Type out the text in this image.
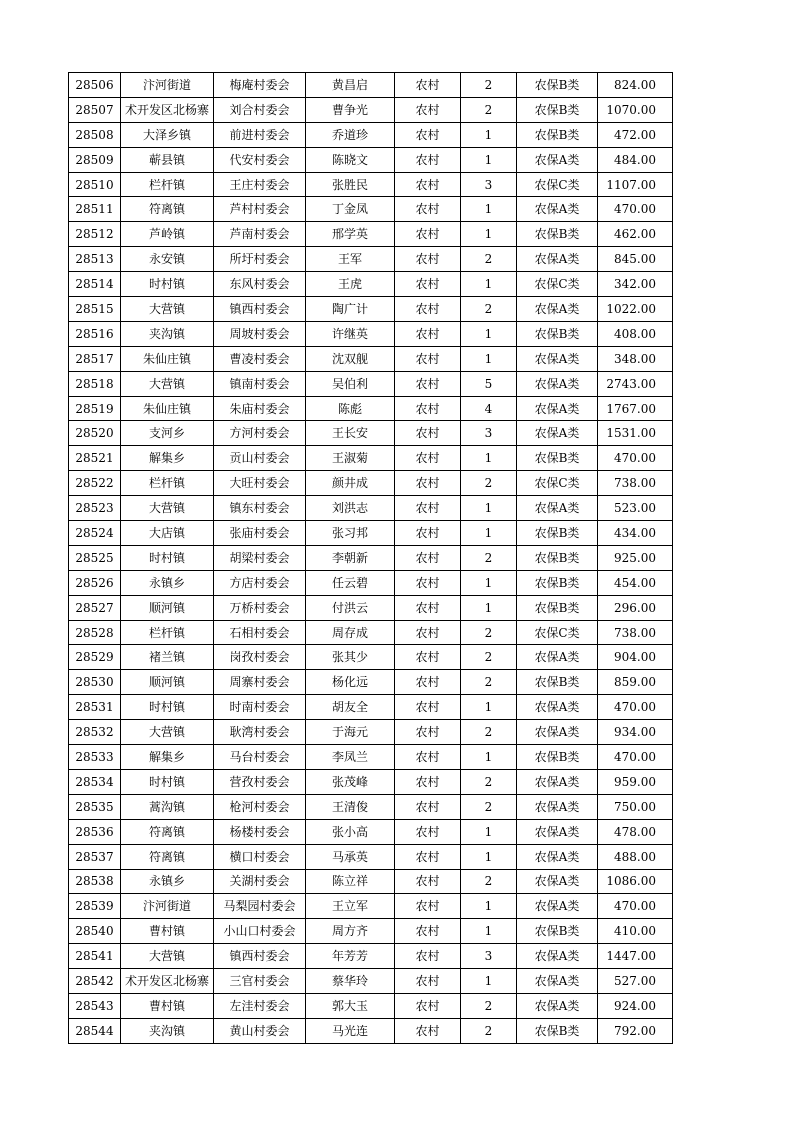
28506	汴河街道	梅庵村委会	黄昌启	农村	2	农保B类	824.00
28507	术开发区北杨寨	刘合村委会	曹争光	农村	2	农保B类	1070.00
28508	大泽乡镇	前进村委会	乔道珍	农村	1	农保B类	472.00
28509	蕲县镇	代安村委会	陈晓文	农村	1	农保A类	484.00
28510	栏杆镇	王庄村委会	张胜民	农村	3	农保C类	1107.00
28511	符离镇	芦村村委会	丁金凤	农村	1	农保A类	470.00
28512	芦岭镇	芦南村委会	邢学英	农村	1	农保B类	462.00
28513	永安镇	所圩村委会	王军	农村	2	农保A类	845.00
28514	时村镇	东风村委会	王虎	农村	1	农保C类	342.00
28515	大营镇	镇西村委会	陶广计	农村	2	农保A类	1022.00
28516	夹沟镇	周坡村委会	许继英	农村	1	农保B类	408.00
28517	朱仙庄镇	曹凌村委会	沈双舰	农村	1	农保A类	348.00
28518	大营镇	镇南村委会	吴伯利	农村	5	农保A类	2743.00
28519	朱仙庄镇	朱庙村委会	陈彪	农村	4	农保A类	1767.00
28520	支河乡	方河村委会	王长安	农村	3	农保A类	1531.00
28521	解集乡	贡山村委会	王淑菊	农村	1	农保B类	470.00
28522	栏杆镇	大旺村委会	颜井成	农村	2	农保C类	738.00
28523	大营镇	镇东村委会	刘洪志	农村	1	农保A类	523.00
28524	大店镇	张庙村委会	张习邦	农村	1	农保B类	434.00
28525	时村镇	胡梁村委会	李朝新	农村	2	农保B类	925.00
28526	永镇乡	方店村委会	任云碧	农村	1	农保B类	454.00
28527	顺河镇	万桥村委会	付洪云	农村	1	农保B类	296.00
28528	栏杆镇	石相村委会	周存成	农村	2	农保C类	738.00
28529	褚兰镇	岗孜村委会	张其少	农村	2	农保A类	904.00
28530	顺河镇	周寨村委会	杨化远	农村	2	农保B类	859.00
28531	时村镇	时南村委会	胡友全	农村	1	农保A类	470.00
28532	大营镇	耿湾村委会	于海元	农村	2	农保A类	934.00
28533	解集乡	马台村委会	李凤兰	农村	1	农保B类	470.00
28534	时村镇	营孜村委会	张茂峰	农村	2	农保A类	959.00
28535	蒿沟镇	枪河村委会	王清俊	农村	2	农保A类	750.00
28536	符离镇	杨楼村委会	张小高	农村	1	农保A类	478.00
28537	符离镇	横口村委会	马承英	农村	1	农保A类	488.00
28538	永镇乡	关湖村委会	陈立祥	农村	2	农保A类	1086.00
28539	汴河街道	马梨园村委会	王立军	农村	1	农保A类	470.00
28540	曹村镇	小山口村委会	周方齐	农村	1	农保B类	410.00
28541	大营镇	镇西村委会	年芳芳	农村	3	农保A类	1447.00
28542	术开发区北杨寨	三官村委会	蔡华玲	农村	1	农保A类	527.00
28543	曹村镇	左洼村委会	郭大玉	农村	2	农保A类	924.00
28544	夹沟镇	黄山村委会	马光连	农村	2	农保B类	792.00
